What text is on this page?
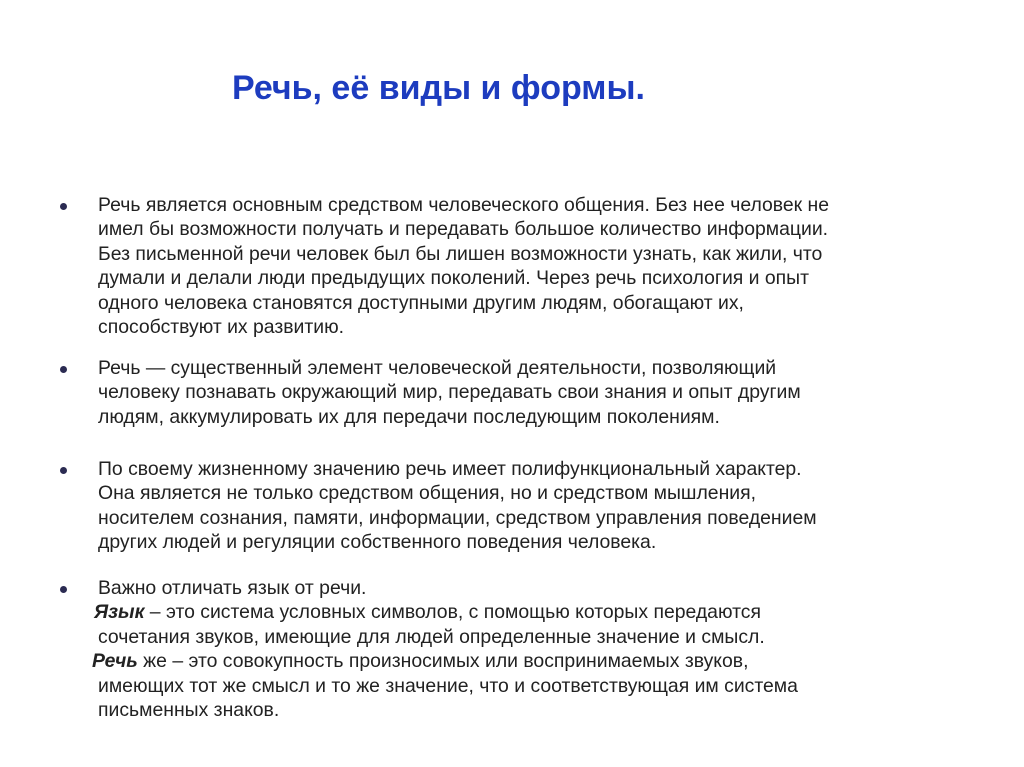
Речь, её виды и формы.
Речь является основным средством человеческого общения. Без нее человек не
имел бы возможности получать и передавать большое количество информации.
Без письменной речи человек был бы лишен возможности узнать, как жили, что
думали и делали люди предыдущих поколений. Через речь психология и опыт
одного человека становятся доступными другим людям, обогащают их,
способствуют их развитию.
Речь — существенный элемент человеческой деятельности, позволяющий
человеку познавать окружающий мир, передавать свои знания и опыт другим
людям, аккумулировать их для передачи последующим поколениям.
По своему жизненному значению речь имеет полифункциональный характер.
Она является не только средством общения, но и средством мышления,
носителем сознания, памяти, информации, средством управления поведением
других людей и регуляции собственного поведения человека.
Важно отличать язык от речи.
Язык – это система условных символов, с помощью которых передаются
сочетания звуков, имеющие для людей определенные значение и смысл.
Речь же – это совокупность произносимых или воспринимаемых звуков,
имеющих тот же смысл и то же значение, что и соответствующая им система
письменных знаков.
